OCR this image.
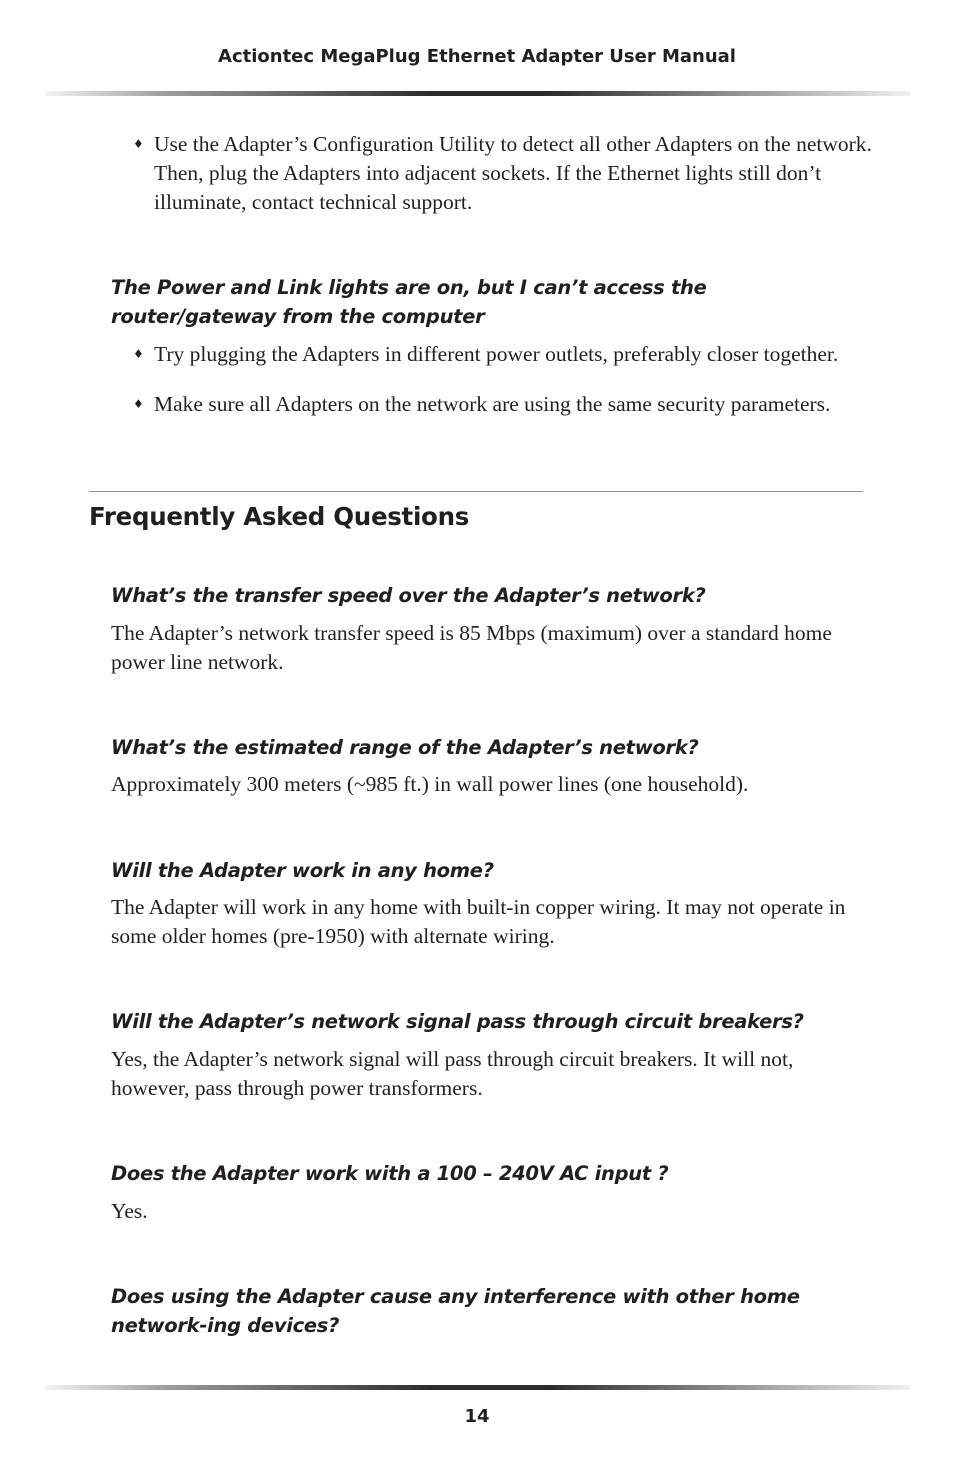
Actiontec MegaPlug Ethernet Adapter User Manual
♦ Use the Adapter’s Configuration Utility to detect all other Adapters on the network. Then, plug the Adapters into adjacent sockets. If the Ethernet lights still don’t illuminate, contact technical support.
The Power and Link lights are on, but I can’t access the router/gateway from the computer
♦ Try plugging the Adapters in different power outlets, preferably closer together.
♦ Make sure all Adapters on the network are using the same security parameters.
Frequently Asked Questions
What’s the transfer speed over the Adapter’s network?
The Adapter’s network transfer speed is 85 Mbps (maximum) over a standard home power line network.
What’s the estimated range of the Adapter’s network?
Approximately 300 meters (~985 ft.) in wall power lines (one household).
Will the Adapter work in any home?
The Adapter will work in any home with built-in copper wiring. It may not operate in some older homes (pre-1950) with alternate wiring.
Will the Adapter’s network signal pass through circuit breakers?
Yes, the Adapter’s network signal will pass through circuit breakers. It will not, however, pass through power transformers.
Does the Adapter work with a 100 – 240V AC input ?
Yes.
Does using the Adapter cause any interference with other home network-ing devices?
14
